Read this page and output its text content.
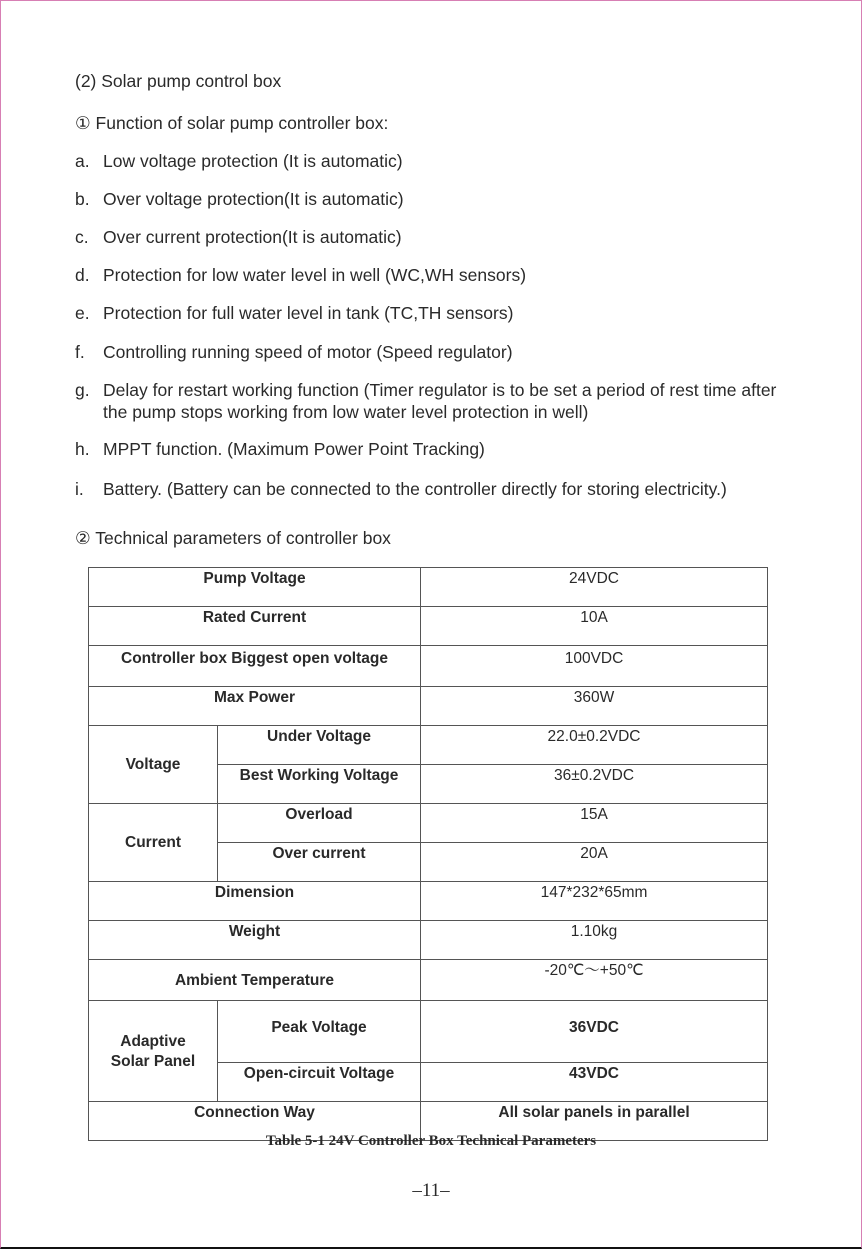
(2) Solar pump control box
① Function of solar pump controller box:
a. Low voltage protection (It is automatic)
b. Over voltage protection(It is automatic)
c. Over current protection(It is automatic)
d. Protection for low water level in well (WC,WH sensors)
e. Protection for full water level in tank (TC,TH sensors)
f.	Controlling running speed of motor (Speed regulator)
g. Delay for restart working function (Timer regulator is to be set a period of rest time after the pump stops working from low water level protection in well)
h. MPPT function. (Maximum Power Point Tracking)
i.	Battery. (Battery can be connected to the controller directly for storing electricity.)
② Technical parameters of controller box
Pump Voltage		24VDC
Rated Current		10A
Controller box Biggest open voltage		100VDC
Max Power		360W
Voltage	Under Voltage	22.0±0.2VDC
	Best Working Voltage	36±0.2VDC
Current	Overload	15A
	Over current	20A
Dimension		147*232*65mm
Weight		1.10kg
Ambient Temperature		-20℃～+50℃

Adaptive
Solar Panel	Peak Voltage	36VDC
	Open-circuit Voltage	43VDC
Connection Way		All solar panels in parallel
Table 5-1 24V Controller Box Technical Parameters
–11–
